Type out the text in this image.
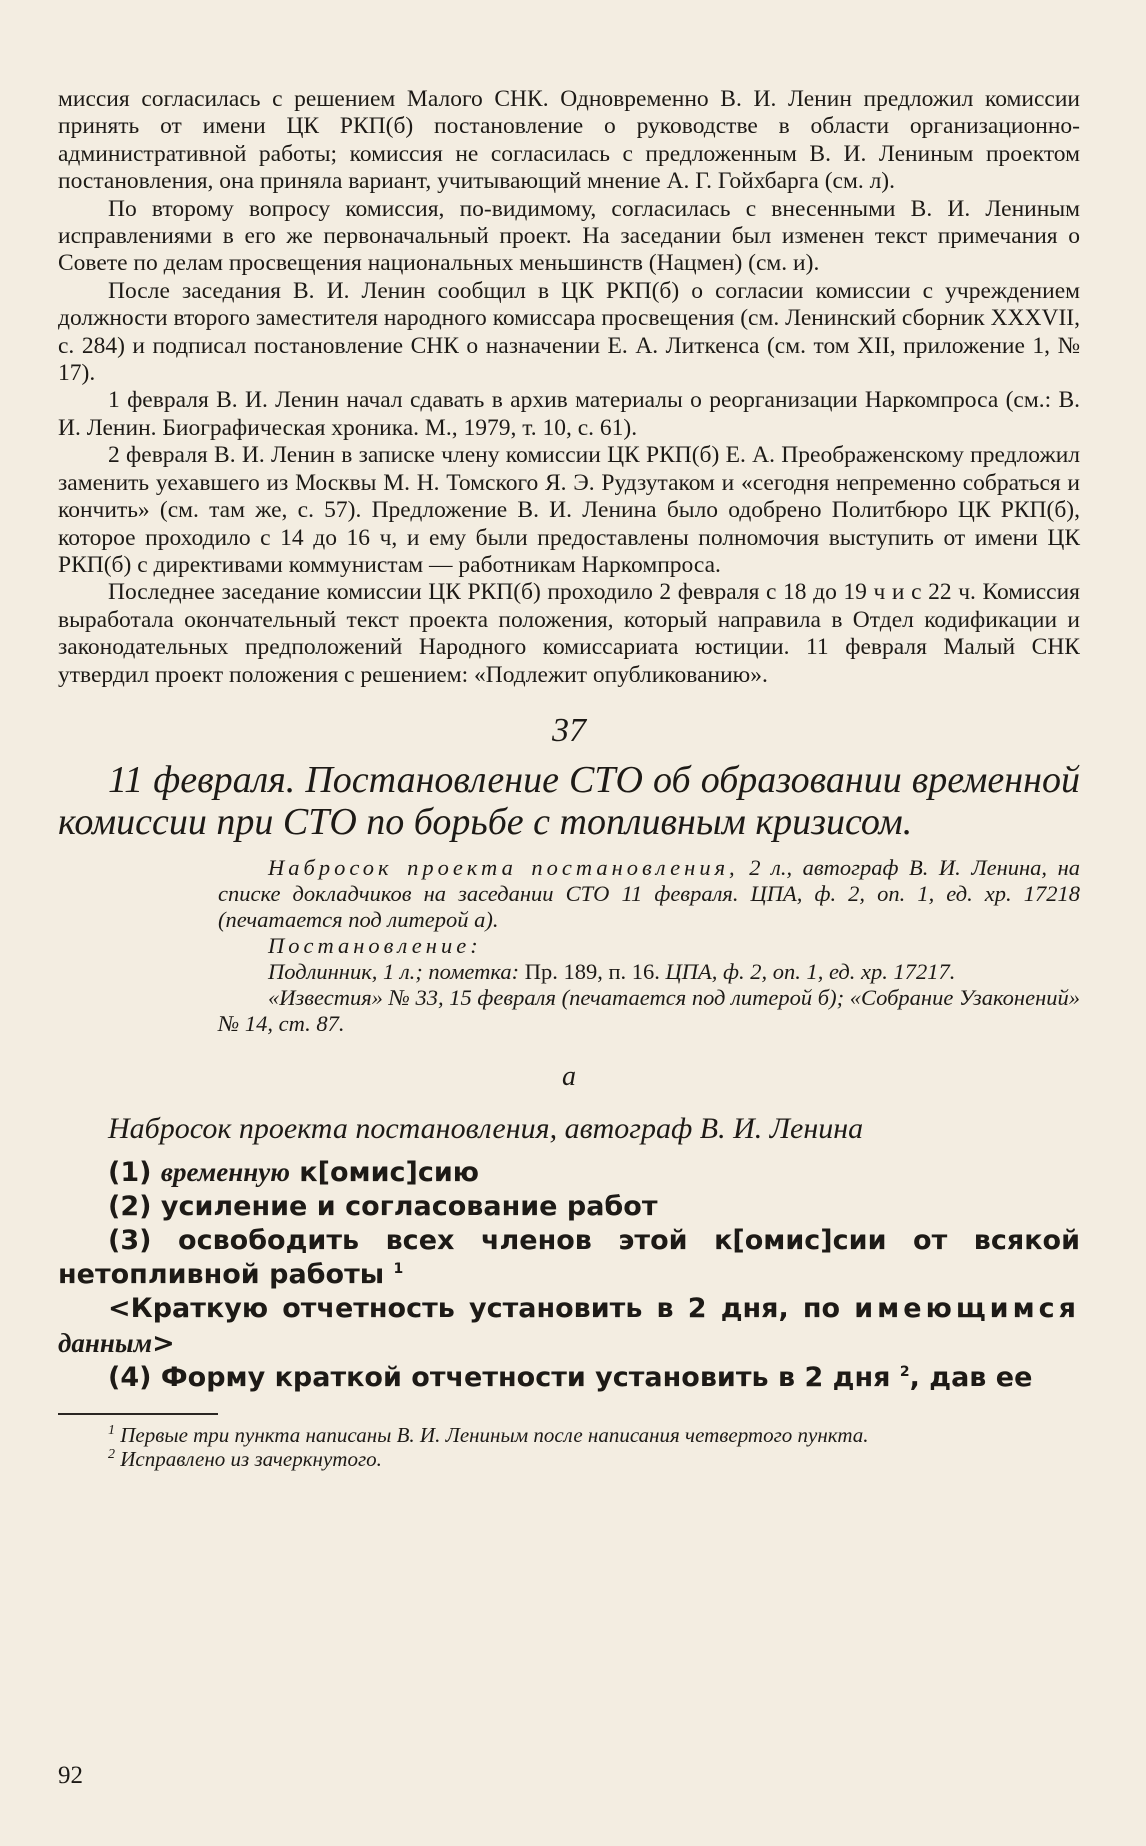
миссия согласилась с решением Малого СНК. Одновременно В. И. Ленин предложил комиссии принять от имени ЦК РКП(б) постановление о руководстве в области организационно-административной работы; комиссия не согласилась с предложенным В. И. Лениным проектом постановления, она приняла вариант, учитывающий мнение А. Г. Гойхбарга (см. л).

По второму вопросу комиссия, по-видимому, согласилась с внесенными В. И. Лениным исправлениями в его же первоначальный проект. На заседании был изменен текст примечания о Совете по делам просвещения национальных меньшинств (Нацмен) (см. и).

После заседания В. И. Ленин сообщил в ЦК РКП(б) о согласии комиссии с учреждением должности второго заместителя народного комиссара просвещения (см. Ленинский сборник XXXVII, с. 284) и подписал постановление СНК о назначении Е. А. Литкенса (см. том XII, приложение 1, № 17).

1 февраля В. И. Ленин начал сдавать в архив материалы о реорганизации Наркомпроса (см.: В. И. Ленин. Биографическая хроника. М., 1979, т. 10, с. 61).

2 февраля В. И. Ленин в записке члену комиссии ЦК РКП(б) Е. А. Преображенскому предложил заменить уехавшего из Москвы М. Н. Томского Я. Э. Рудзутаком и «сегодня непременно собраться и кончить» (см. там же, с. 57). Предложение В. И. Ленина было одобрено Политбюро ЦК РКП(б), которое проходило с 14 до 16 ч, и ему были предоставлены полномочия выступить от имени ЦК РКП(б) с директивами коммунистам — работникам Наркомпроса.

Последнее заседание комиссии ЦК РКП(б) проходило 2 февраля с 18 до 19 ч и с 22 ч. Комиссия выработала окончательный текст проекта положения, который направила в Отдел кодификации и законодательных предположений Народного комиссариата юстиции. 11 февраля Малый СНК утвердил проект положения с решением: «Подлежит опубликованию».

37

11 февраля. Постановление СТО об образовании временной комиссии при СТО по борьбе с топливным кризисом.

Набросок проекта постановления, 2 л., автограф В. И. Ленина, на списке докладчиков на заседании СТО 11 февраля. ЦПА, ф. 2, оп. 1, ед. хр. 17218 (печатается под литерой а).

Постановление:

Подлинник, 1 л.; пометка: Пр. 189, п. 16. ЦПА, ф. 2, оп. 1, ед. хр. 17217.

«Известия» № 33, 15 февраля (печатается под литерой б); «Собрание Узаконений» № 14, ст. 87.

а
Набросок проекта постановления, автограф В. И. Ленина

(1) временную к[омис]сию

(2) усиление и согласование работ

(3) освободить всех членов этой к[омис]сии от всякой нетопливной работы $^1$

<Краткую отчетность установить в 2 дня, по имеющимся данным>

(4) Форму краткой отчетности установить в 2 дня $^2$, дав ее

$^1$ Первые три пункта написаны В. И. Лениным после написания четвертого пункта.

$^2$ Исправлено из зачеркнутого.

92
